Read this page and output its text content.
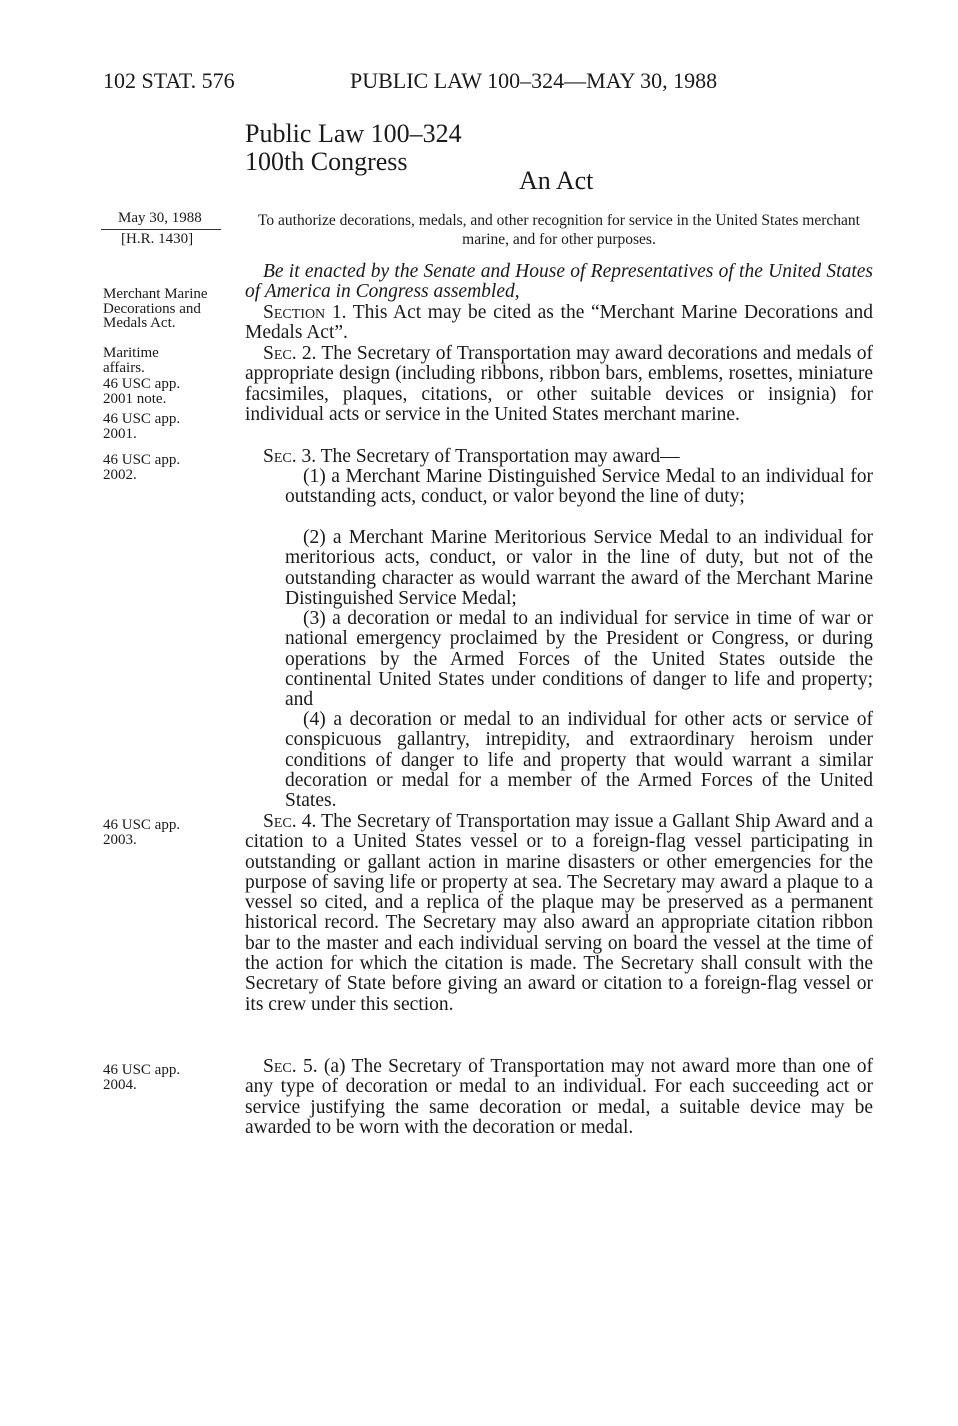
102 STAT. 576	PUBLIC LAW 100–324—MAY 30, 1988
Public Law 100–324
100th Congress
An Act
May 30, 1988
[H.R. 1430]
Merchant Marine Decorations and Medals Act.
Maritime affairs.
46 USC app. 2001 note.
46 USC app. 2001.
46 USC app. 2002.
46 USC app. 2003.
46 USC app. 2004.
To authorize decorations, medals, and other recognition for service in the United States merchant marine, and for other purposes.

Be it enacted by the Senate and House of Representatives of the United States of America in Congress assembled,

Section 1. This Act may be cited as the “Merchant Marine Decorations and Medals Act”.

Sec. 2. The Secretary of Transportation may award decorations and medals of appropriate design (including ribbons, ribbon bars, emblems, rosettes, miniature facsimiles, plaques, citations, or other suitable devices or insignia) for individual acts or service in the United States merchant marine.

Sec. 3. The Secretary of Transportation may award—

(1) a Merchant Marine Distinguished Service Medal to an individual for outstanding acts, conduct, or valor beyond the line of duty;

(2) a Merchant Marine Meritorious Service Medal to an individual for meritorious acts, conduct, or valor in the line of duty, but not of the outstanding character as would warrant the award of the Merchant Marine Distinguished Service Medal;

(3) a decoration or medal to an individual for service in time of war or national emergency proclaimed by the President or Congress, or during operations by the Armed Forces of the United States outside the continental United States under conditions of danger to life and property; and

(4) a decoration or medal to an individual for other acts or service of conspicuous gallantry, intrepidity, and extraordinary heroism under conditions of danger to life and property that would warrant a similar decoration or medal for a member of the Armed Forces of the United States.

Sec. 4. The Secretary of Transportation may issue a Gallant Ship Award and a citation to a United States vessel or to a foreign-flag vessel participating in outstanding or gallant action in marine disasters or other emergencies for the purpose of saving life or property at sea. The Secretary may award a plaque to a vessel so cited, and a replica of the plaque may be preserved as a permanent historical record. The Secretary may also award an appropriate citation ribbon bar to the master and each individual serving on board the vessel at the time of the action for which the citation is made. The Secretary shall consult with the Secretary of State before giving an award or citation to a foreign-flag vessel or its crew under this section.

Sec. 5. (a) The Secretary of Transportation may not award more than one of any type of decoration or medal to an individual. For each succeeding act or service justifying the same decoration or medal, a suitable device may be awarded to be worn with the decoration or medal.
